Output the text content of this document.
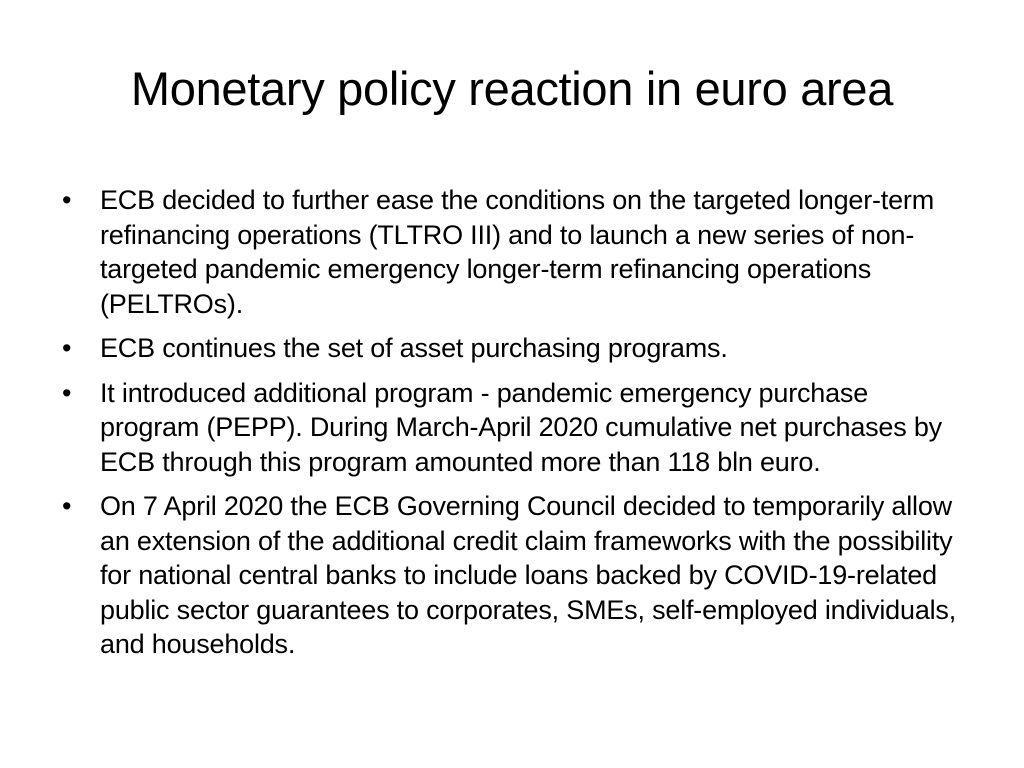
Monetary policy reaction in euro area
• ECB decided to further ease the conditions on the targeted longer-term refinancing operations (TLTRO III) and to launch a new series of non-targeted pandemic emergency longer-term refinancing operations (PELTROs).
• ECB continues the set of asset purchasing programs.
• It introduced additional program - pandemic emergency purchase program (PEPP). During March-April 2020 cumulative net purchases by ECB through this program amounted more than 118 bln euro.
• On 7 April 2020 the ECB Governing Council decided to temporarily allow an extension of the additional credit claim frameworks with the possibility for national central banks to include loans backed by COVID-19-related public sector guarantees to corporates, SMEs, self-employed individuals, and households.
